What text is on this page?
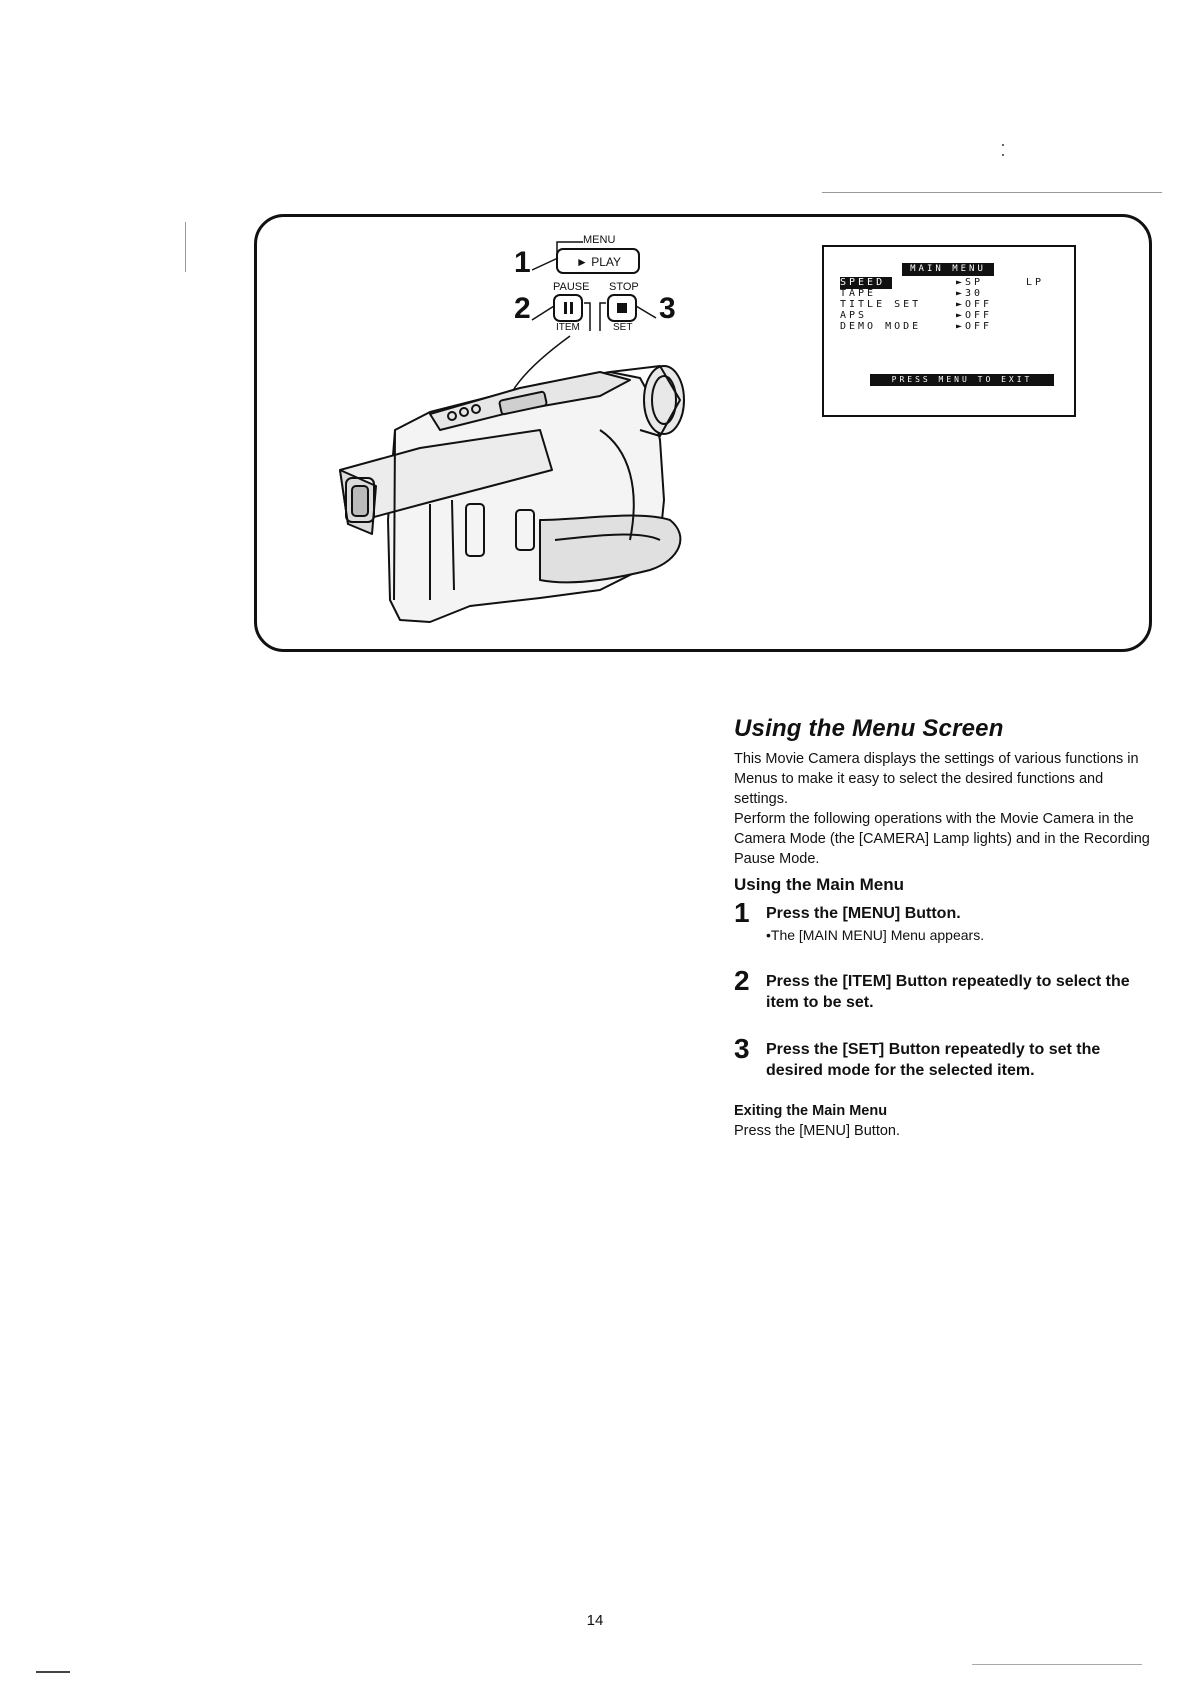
MENU
► PLAY
1
PAUSE STOP
2	3
ITEM	SET
MAIN MENU
SPEED	►SP	LP
TAPE	►30
TITLE SET	►OFF
APS	►OFF
DEMO MODE	►OFF
PRESS MENU TO EXIT
Using the Menu Screen

This Movie Camera displays the settings of various functions in Menus to make it easy to select the desired functions and settings.

Perform the following operations with the Movie Camera in the Camera Mode (the [CAMERA] Lamp lights) and in the Recording Pause Mode.

Using the Main Menu
1 Press the [MENU] Button.
•The [MAIN MENU] Menu appears.
2 Press the [ITEM] Button repeatedly to select the item to be set.
3 Press the [SET] Button repeatedly to set the desired mode for the selected item.
Exiting the Main Menu

Press the [MENU] Button.

14
